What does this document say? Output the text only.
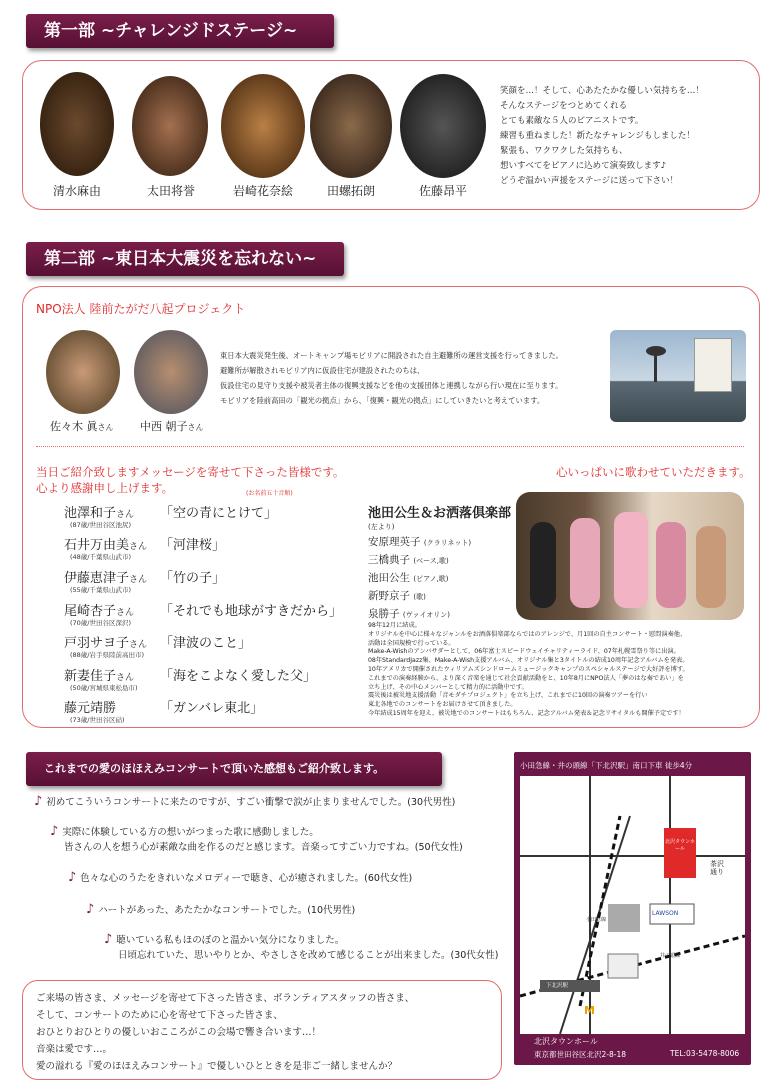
第一部 ~チャレンジドステージ~
清水麻由	太田将誉	岩崎花奈絵	田螺拓朗	佐藤昂平
笑顔を…！そして、心あたたかな優しい気持ちを…！
そんなステージをつとめてくれる
とても素敵な５人のピアニストです。
練習も重ねました！新たなチャレンジもしました！
緊張も、ワクワクした気持ちも、
想いすべてをピアノに込めて演奏致します♪
どうぞ温かい声援をステージに送って下さい！
第二部 ~東日本大震災を忘れない~
NPO法人 陸前たがだ八起プロジェクト
佐々木 眞さん 中西 朝子さん
東日本大震災発生後、オートキャンプ場モビリアに開設された自主避難所の運営支援を行ってきました。
避難所が解散されモビリア内に仮設住宅が建設されたのちは、
仮設住宅の見守り支援や被災者主体の復興支援などを他の支援団体と連携しながら行い現在に至ります。
モビリアを陸前高田の「観光の拠点」から、「復興・観光の拠点」にしていきたいと考えています。
当日ご紹介致しますメッセージを寄せて下さった皆様です。
心より感謝申し上げます。	(お名前五十音順)
心いっぱいに歌わせていただきます。
池澤和子さん
(87歳/世田谷区池尻)
「空の青にとけて」
石井万由美さん
(48歳/千葉県山武市)
「河津桜」
伊藤恵津子さん
(55歳/千葉県山武市)
「竹の子」
尾崎杏子さん
(70歳/世田谷区深沢)
「それでも地球がすきだから」
戸羽サヨ子さん
(88歳/岩手県陸前高田市)
「津波のこと」
新妻佳子さん
(50歳/宮城県東松島市)
「海をこよなく愛した父」
藤元靖勝
(73歳/世田谷区砧)
「ガンバレ東北」
池田公生＆お洒落倶楽部
(左より)
安原理英子 (クラリネット)
三橋典子 (ベース,歌)
池田公生 (ピアノ,歌)
新野京子 (歌)
泉勝子 (ヴァイオリン)
98年12月に結成。
オリジナルを中心に様々なジャンルをお洒落倶楽部ならではのアレンジで、月1回の自主コンサート・慰問演奏他、
活動は全国規模で行っている。
Make-A-Wishのアンバサダーとして、06年富士スピードウェイチャリティーライド、07年札幌雪祭り等に出演。
08年StandardJazz集、Make-A-Wish支援アルバム、オリジナル集と3タイトルの結成10周年記念アルバムを発表。
10年アメリカで開催されたウィリアムズシンドロームミュージックキャンプのスペシャルステージで大好評を博す。
これまでの演奏経験から、より深く音楽を通じて社会貢献活動をと、10年8月にNPO法人「夢のはな奏であい」を
立ち上げ、その中心メンバーとして精力的に活動中です。
震災後は被災地支援活動「音モダチプロジェクト」を立ち上げ、これまでに10回の演奏ツアーを行い
東北各地でのコンサートをお届けさせて頂きました。
今年結成15周年を迎え、被災地でのコンサートはもちろん、記念アルバム発表＆記念リサイタルも開催予定です！
これまでの愛のほほえみコンサートで頂いた感想もご紹介致します。
♪ 初めてこういうコンサートに来たのですが、すごい衝撃で涙が止まりませんでした。(30代男性)
♪ 実際に体験している方の想いがつまった歌に感動しました。
皆さんの人を想う心が素敵な曲を作るのだと感じます。音楽ってすごい力ですね。(50代女性)
♪ 色々な心のうたをきれいなメロディーで聴き、心が癒されました。(60代女性)
♪ ハートがあった、あたたかなコンサートでした。(10代男性)
♪ 聴いている私もほのぼのと温かい気分になりました。
日頃忘れていた、思いやりとか、やさしさを改めて感じることが出来ました。(30代女性)
ご来場の皆さま、メッセージを寄せて下さった皆さま、ボランティアスタッフの皆さま、
そして、コンサートのために心を寄せて下さった皆さま、
おひとりおひとりの優しいおこころがこの会場で響き合います…！
音楽は愛です…。
愛の溢れる『愛のほほえみコンサート』で優しいひとときを是非ご一緒しませんか？
小田急線・井の頭線「下北沢駅」南口下車 徒歩4分
北沢タウンホール
茶沢通り
LAWSON
小田急線
井の頭線
下北沢駅
M
北沢タウンホール
東京都世田谷区北沢2-8-18	TEL:03-5478-8006
